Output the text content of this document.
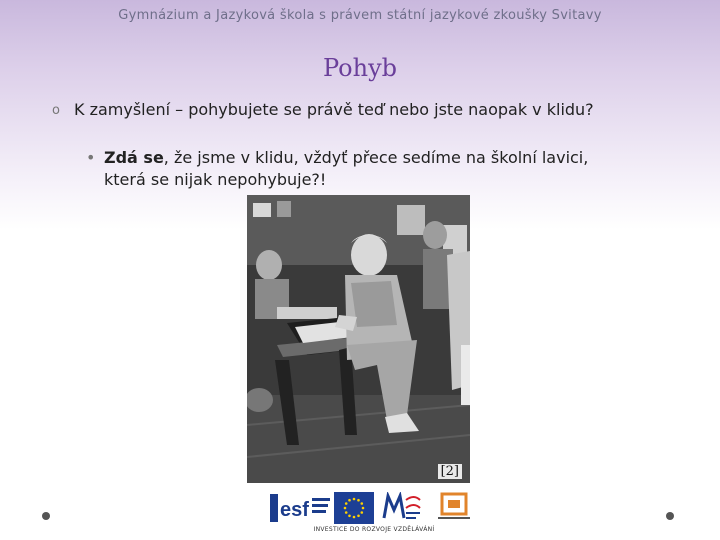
Gymnázium a Jazyková škola s právem státní jazykové zkoušky Svitavy
Pohyb
o K zamyšlení – pohybujete se právě teď nebo jste naopak v klidu?
• Zdá se, že jsme v klidu, vždyť přece sedíme na školní lavici, která se nijak nepohybuje?!
[2]
esf
INVESTICE DO ROZVOJE VZDĚLÁVÁNÍ
